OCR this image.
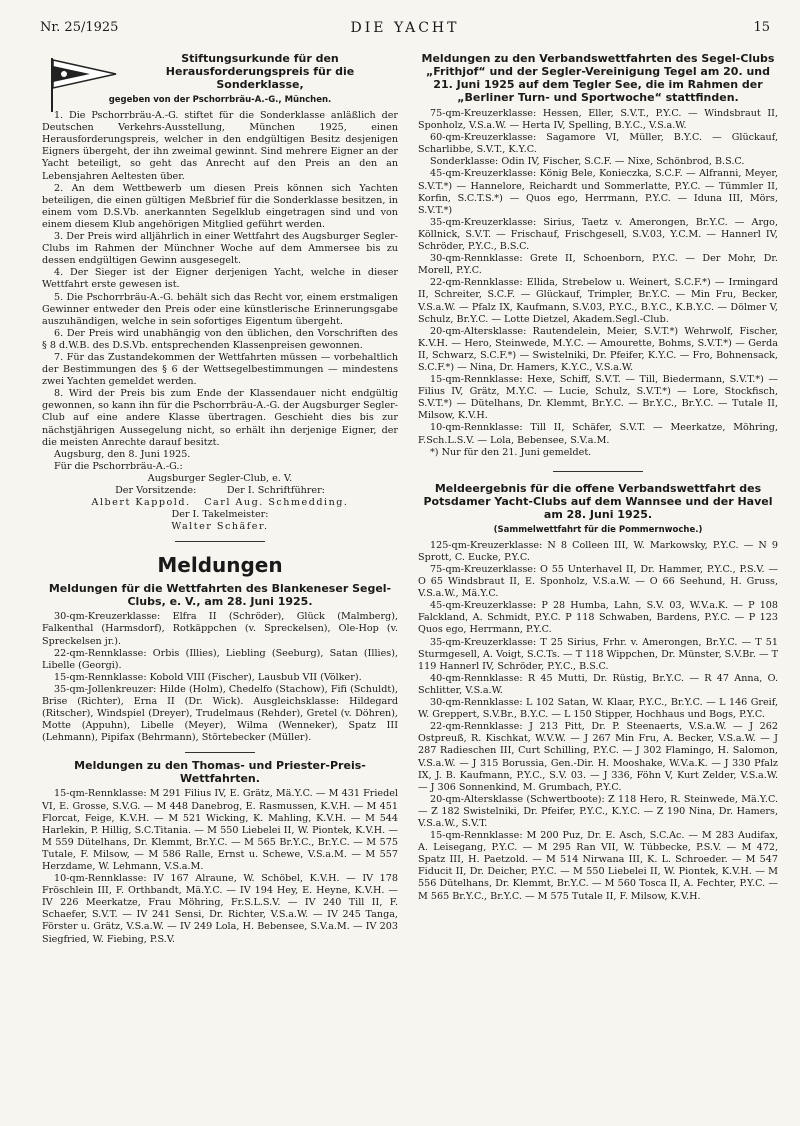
Nr. 25/1925	DIE YACHT	15
Stiftungsurkunde für den Herausforderungspreis für die Sonderklasse,
gegeben von der Pschorrbräu-A.-G., München.

1. Die Pschorrbräu-A.-G. stiftet für die Sonderklasse anläßlich der Deutschen Verkehrs-Ausstellung, München 1925, einen Herausforderungspreis, welcher in den endgültigen Besitz desjenigen Eigners übergeht, der ihn zweimal gewinnt. Sind mehrere Eigner an der Yacht beteiligt, so geht das Anrecht auf den Preis an den an Lebensjahren Aeltesten über.

2. An dem Wettbewerb um diesen Preis können sich Yachten beteiligen, die einen gültigen Meßbrief für die Sonderklasse besitzen, in einem vom D.S.Vb. anerkannten Segelklub eingetragen sind und von einem diesem Klub angehörigen Mitglied geführt werden.

3. Der Preis wird alljährlich in einer Wettfahrt des Augsburger Segler-Clubs im Rahmen der Münchner Woche auf dem Ammersee bis zu dessen endgültigen Gewinn ausgesegelt.

4. Der Sieger ist der Eigner derjenigen Yacht, welche in dieser Wettfahrt erste gewesen ist.

5. Die Pschorrbräu-A.-G. behält sich das Recht vor, einem erstmaligen Gewinner entweder den Preis oder eine künstlerische Erinnerungsgabe auszuhändigen, welche in sein sofortiges Eigentum übergeht.

6. Der Preis wird unabhängig von den üblichen, den Vorschriften des § 8 d.W.B. des D.S.Vb. entsprechenden Klassenpreisen gewonnen.

7. Für das Zustandekommen der Wettfahrten müssen — vorbehaltlich der Bestimmungen des § 6 der Wettsegelbestimmungen — mindestens zwei Yachten gemeldet werden.

8. Wird der Preis bis zum Ende der Klassendauer nicht endgültig gewonnen, so kann ihn für die Pschorrbräu-A.-G. der Augsburger Segler-Club auf eine andere Klasse übertragen. Geschieht dies bis zur nächstjährigen Aussegelung nicht, so erhält ihn derjenige Eigner, der die meisten Anrechte darauf besitzt.

Augsburg, den 8. Juni 1925.

Für die Pschorrbräu-A.-G.:

Augsburger Segler-Club, e. V.

Der Vorsitzende:          Der I. Schriftführer:

Albert Kappold.   Carl Aug. Schmedding.

Der I. Takelmeister:

Walter Schäfer.

Meldungen
Meldungen für die Wettfahrten des Blankeneser Segel-Clubs, e. V., am 28. Juni 1925.

30-qm-Kreuzerklasse: Elfra II (Schröder), Glück (Malmberg), Falkenthal (Harmsdorf), Rotkäppchen (v. Spreckelsen), Ole-Hop (v. Spreckelsen jr.).

22-qm-Rennklasse: Orbis (Illies), Liebling (Seeburg), Satan (Illies), Libelle (Georgi).

15-qm-Rennklasse: Kobold VIII (Fischer), Lausbub VII (Völker).

35-qm-Jollenkreuzer: Hilde (Holm), Chedelfo (Stachow), Fifi (Schuldt), Brise (Richter), Erna II (Dr. Wick). Ausgleichsklasse: Hildegard (Ritscher), Windspiel (Dreyer), Trudelmaus (Rehder), Gretel (v. Döhren), Motte (Appuhn), Libelle (Meyer), Wilma (Wenneker), Spatz III (Lehmann), Pipifax (Behrmann), Störtebecker (Müller).

Meldungen zu den Thomas- und Priester-Preis-Wettfahrten.

15-qm-Rennklasse: M 291 Filius IV, E. Grätz, Mä.Y.C. — M 431 Friedel VI, E. Grosse, S.V.G. — M 448 Danebrog, E. Rasmussen, K.V.H. — M 451 Florcat, Feige, K.V.H. — M 521 Wicking, K. Mahling, K.V.H. — M 544 Harlekin, P. Hillig, S.C.Titania. — M 550 Liebelei II, W. Piontek, K.V.H. — M 559 Dütelhans, Dr. Klemmt, Br.Y.C. — M 565 Br.Y.C., Br.Y.C. — M 575 Tutale, F. Milsow, — M 586 Ralle, Ernst u. Schewe, V.S.a.M. — M 557 Herzdame, W. Lehmann, V.S.a.M.

10-qm-Rennklasse: IV 167 Alraune, W. Schöbel, K.V.H. — IV 178 Fröschlein III, F. Orthbandt, Mä.Y.C. — IV 194 Hey, E. Heyne, K.V.H. — IV 226 Meerkatze, Frau Möhring, Fr.S.L.S.V. — IV 240 Till II, F. Schaefer, S.V.T. — IV 241 Sensi, Dr. Richter, V.S.a.W. — IV 245 Tanga, Förster u. Grätz, V.S.a.W. — IV 249 Lola, H. Bebensee, S.V.a.M. — IV 203 Siegfried, W. Fiebing, P.S.V.

Meldungen zu den Verbandswettfahrten des Segel-Clubs „Frithjof“ und der Segler-Vereinigung Tegel am 20. und 21. Juni 1925 auf dem Tegler See, die im Rahmen der „Berliner Turn- und Sportwoche“ stattfinden.

75-qm-Kreuzerklasse: Hessen, Eller, S.V.T., P.Y.C. — Windsbraut II, Sponholz, V.S.a.W. — Herta IV, Spelling, B.Y.C., V.S.a.W.

60-qm-Kreuzerklasse: Sagamore VI, Müller, B.Y.C. — Glückauf, Scharlibbe, S.V.T., K.Y.C.

Sonderklasse: Odin IV, Fischer, S.C.F. — Nixe, Schönbrod, B.S.C.

45-qm-Kreuzerklasse: König Bele, Konieczka, S.C.F. — Alfranni, Meyer, S.V.T.*) — Hannelore, Reichardt und Sommerlatte, P.Y.C. — Tümmler II, Korfin, S.C.T.S.*) — Quos ego, Herrmann, P.Y.C. — Iduna III, Mörs, S.V.T.*)

35-qm-Kreuzerklasse: Sirius, Taetz v. Amerongen, Br.Y.C. — Argo, Köllnick, S.V.T. — Frischauf, Frischgesell, S.V.03, Y.C.M. — Hannerl IV, Schröder, P.Y.C., B.S.C.

30-qm-Rennklasse: Grete II, Schoenborn, P.Y.C. — Der Mohr, Dr. Morell, P.Y.C.

22-qm-Rennklasse: Ellida, Strebelow u. Weinert, S.C.F.*) — Irmingard II, Schreiter, S.C.F. — Glückauf, Trimpler, Br.Y.C. — Min Fru, Becker, V.S.a.W. — Pfalz IX, Kaufmann, S.V.03, P.Y.C., B.Y.C., K.B.Y.C. — Dölmer V, Schulz, Br.Y.C. — Lotte Dietzel, Akadem.Segl.-Club.

20-qm-Altersklasse: Rautendelein, Meier, S.V.T.*) Wehrwolf, Fischer, K.V.H. — Hero, Steinwede, M.Y.C. — Amourette, Bohms, S.V.T.*) — Gerda II, Schwarz, S.C.F.*) — Swistelniki, Dr. Pfeifer, K.Y.C. — Fro, Bohnensack, S.C.F.*) — Nina, Dr. Hamers, K.Y.C., V.S.a.W.

15-qm-Rennklasse: Hexe, Schiff, S.V.T. — Till, Biedermann, S.V.T.*) — Filius IV, Grätz, M.Y.C. — Lucie, Schulz, S.V.T.*) — Lore, Stockfisch, S.V.T.*) — Dütelhans, Dr. Klemmt, Br.Y.C. — Br.Y.C., Br.Y.C. — Tutale II, Milsow, K.V.H.

10-qm-Rennklasse: Till II, Schäfer, S.V.T. — Meerkatze, Möhring, F.Sch.L.S.V. — Lola, Bebensee, S.V.a.M.

*) Nur für den 21. Juni gemeldet.

Meldeergebnis für die offene Verbandswettfahrt des Potsdamer Yacht-Clubs auf dem Wannsee und der Havel am 28. Juni 1925.
(Sammelwettfahrt für die Pommernwoche.)

125-qm-Kreuzerklasse: N 8 Colleen III, W. Markowsky, P.Y.C. — N 9 Sprott, C. Eucke, P.Y.C.

75-qm-Kreuzerklasse: O 55 Unterhavel II, Dr. Hammer, P.Y.C., P.S.V. — O 65 Windsbraut II, E. Sponholz, V.S.a.W. — O 66 Seehund, H. Gruss, V.S.a.W., Mä.Y.C.

45-qm-Kreuzerklasse: P 28 Humba, Lahn, S.V. 03, W.V.a.K. — P 108 Falckland, A. Schmidt, P.Y.C. P 118 Schwaben, Bardens, P.Y.C. — P 123 Quos ego, Herrmann, P.Y.C.

35-qm-Kreuzerklasse: T 25 Sirius, Frhr. v. Amerongen, Br.Y.C. — T 51 Sturmgesell, A. Voigt, S.C.Ts. — T 118 Wippchen, Dr. Münster, S.V.Br. — T 119 Hannerl IV, Schröder, P.Y.C., B.S.C.

40-qm-Rennklasse: R 45 Mutti, Dr. Rüstig, Br.Y.C. — R 47 Anna, O. Schlitter, V.S.a.W.

30-qm-Rennklasse: L 102 Satan, W. Klaar, P.Y.C., Br.Y.C. — L 146 Greif, W. Greppert, S.V.Br., B.Y.C. — L 150 Stipper, Hochhaus und Bogs, P.Y.C.

22-qm-Rennklasse: J 213 Pitt, Dr. P. Steenaerts, V.S.a.W. — J 262 Ostpreuß, R. Kischkat, W.V.W. — J 267 Min Fru, A. Becker, V.S.a.W. — J 287 Radieschen III, Curt Schilling, P.Y.C. — J 302 Flamingo, H. Salomon, V.S.a.W. — J 315 Borussia, Gen.-Dir. H. Mooshake, W.V.a.K. — J 330 Pfalz IX, J. B. Kaufmann, P.Y.C., S.V. 03. — J 336, Föhn V, Kurt Zelder, V.S.a.W. — J 306 Sonnenkind, M. Grumbach, P.Y.C.

20-qm-Altersklasse (Schwertboote): Z 118 Hero, R. Steinwede, Mä.Y.C. — Z 182 Swistelniki, Dr. Pfeifer, P.Y.C., K.Y.C. — Z 190 Nina, Dr. Hamers, V.S.a.W., S.V.T.

15-qm-Rennklasse: M 200 Puz, Dr. E. Asch, S.C.Ac. — M 283 Audifax, A. Leisegang, P.Y.C. — M 295 Ran VII, W. Tübbecke, P.S.V. — M 472, Spatz III, H. Paetzold. — M 514 Nirwana III, K. L. Schroeder. — M 547 Fiducit II, Dr. Deicher, P.Y.C. — M 550 Liebelei II, W. Piontek, K.V.H. — M 556 Dütelhans, Dr. Klemmt, Br.Y.C. — M 560 Tosca II, A. Fechter, P.Y.C. — M 565 Br.Y.C., Br.Y.C. — M 575 Tutale II, F. Milsow, K.V.H.
